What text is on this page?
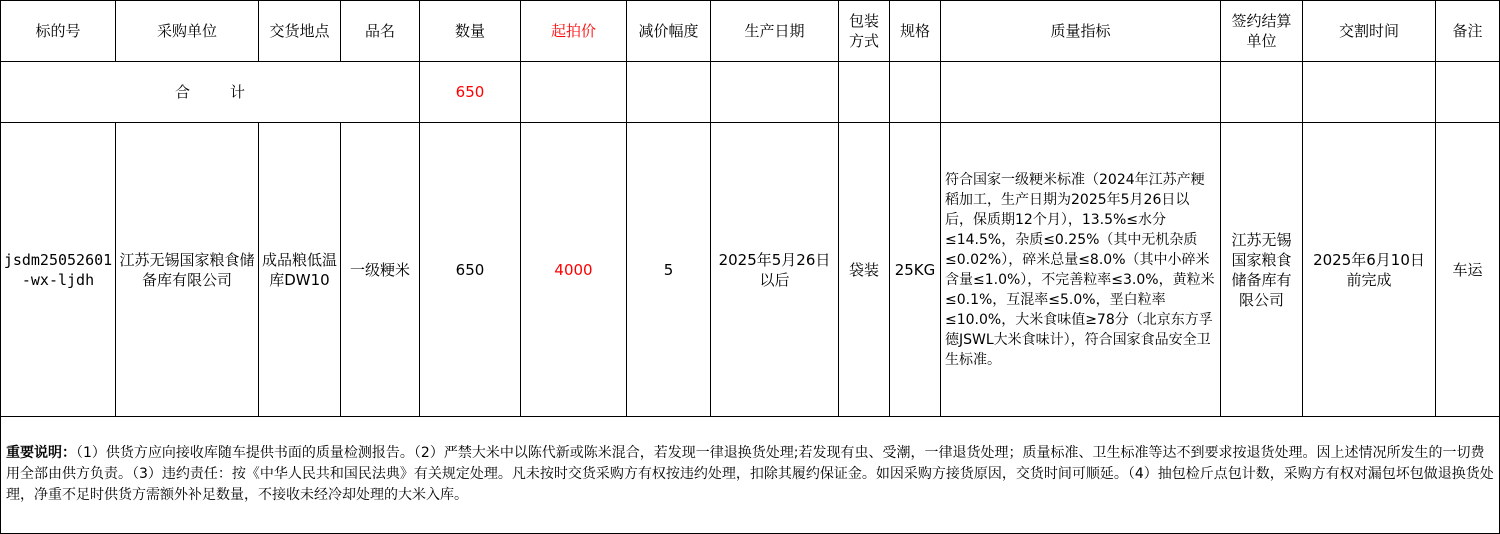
标的号	采购单位	交货地点	品名	数量	起拍价	减价幅度	生产日期	包装方式	规格	质量指标	签约结算单位	交割时间	备注
合 计				650									
jsdm25052601-wx-ljdh	江苏无锡国家粮食储备库有限公司	成品粮低温库DW10	一级粳米	650	4000	5	2025年5月26日以后	袋装	25KG	符合国家一级粳米标准（2024年江苏产粳稻加工，生产日期为2025年5月26日以后，保质期12个月），13.5%≤水分≤14.5%，杂质≤0.25%（其中无机杂质≤0.02%），碎米总量≤8.0%（其中小碎米含量≤1.0%），不完善粒率≤3.0%，黄粒米≤0.1%，互混率≤5.0%，垩白粒率≤10.0%，大米食味值≥78分（北京东方孚德JSWL大米食味计），符合国家食品安全卫生标准。	江苏无锡国家粮食储备库有限公司	2025年6月10日前完成	车运
重要说明：（1）供货方应向接收库随车提供书面的质量检测报告。（2）严禁大米中以陈代新或陈米混合，若发现一律退换货处理;若发现有虫、受潮，一律退货处理；质量标准、卫生标准等达不到要求按退货处理。因上述情况所发生的一切费用全部由供方负责。（3）违约责任：按《中华人民共和国民法典》有关规定处理。凡未按时交货采购方有权按违约处理，扣除其履约保证金。如因采购方接货原因，交货时间可顺延。（4）抽包检斤点包计数，采购方有权对漏包坏包做退换货处理，净重不足时供货方需额外补足数量，不接收未经冷却处理的大米入库。
